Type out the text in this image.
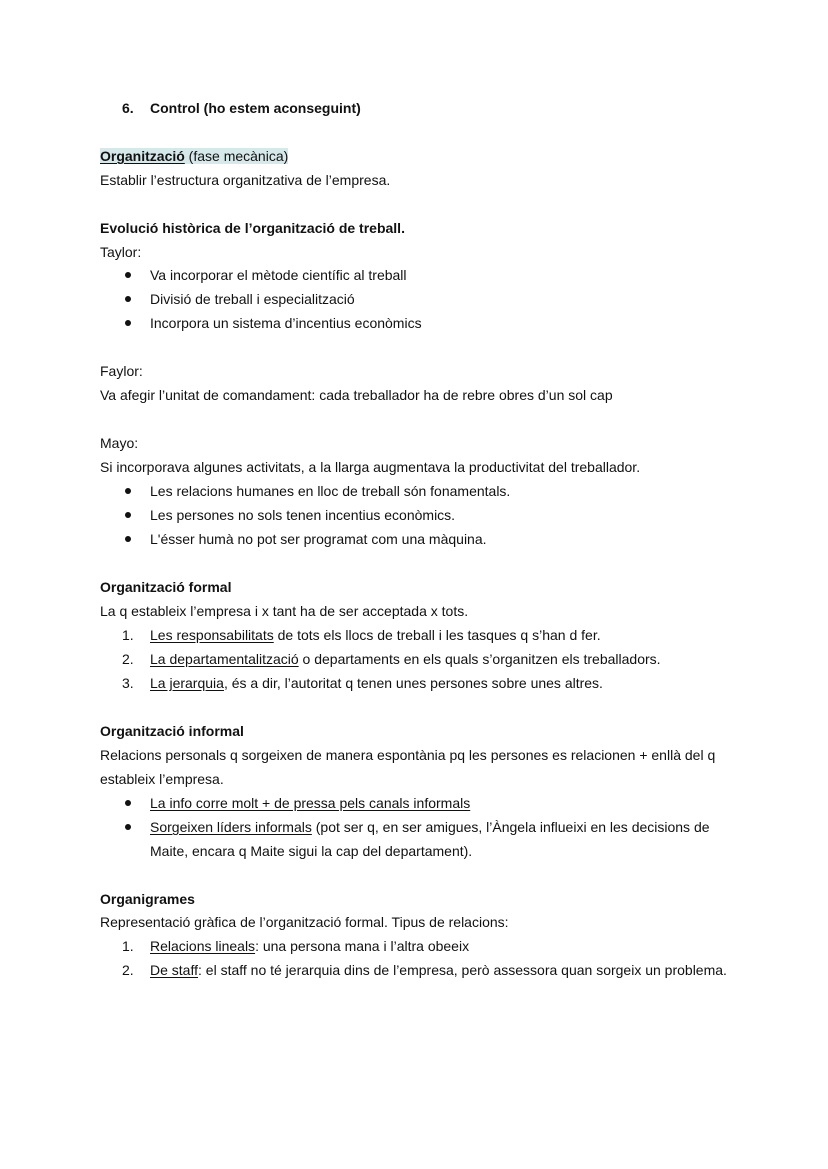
6.	Control (ho estem aconseguint)
Organització (fase mecànica)
Establir l’estructura organitzativa de l’empresa.
Evolució històrica de l’organització de treball.
Taylor:
Va incorporar el mètode científic al treball
Divisió de treball i especialització
Incorpora un sistema d’incentius econòmics
Faylor:
Va afegir l’unitat de comandament: cada treballador ha de rebre obres d’un sol cap
Mayo:
Si incorporava algunes activitats, a la llarga augmentava la productivitat del treballador.
Les relacions humanes en lloc de treball són fonamentals.
Les persones no sols tenen incentius econòmics.
L'ésser humà no pot ser programat com una màquina.
Organització formal
La q estableix l’empresa i x tant ha de ser acceptada x tots.
1.	Les responsabilitats de tots els llocs de treball i les tasques q s’han d fer.
2.	La departamentalització o departaments en els quals s’organitzen els treballadors.
3.	La jerarquia, és a dir, l’autoritat q tenen unes persones sobre unes altres.
Organització informal
Relacions personals q sorgeixen de manera espontània pq les persones es relacionen + enllà del q
estableix l’empresa.
La info corre molt + de pressa pels canals informals
Sorgeixen líders informals (pot ser q, en ser amigues, l’Àngela influeixi en les decisions de
Maite, encara q Maite sigui la cap del departament).
Organigrames
Representació gràfica de l’organització formal. Tipus de relacions:
1.	Relacions lineals: una persona mana i l’altra obeeix
2.	De staff: el staff no té jerarquia dins de l’empresa, però assessora quan sorgeix un problema.
